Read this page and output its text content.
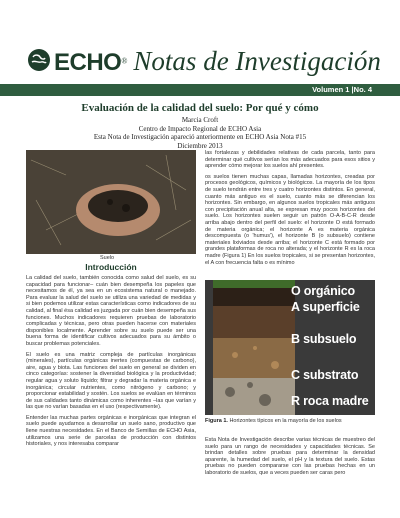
ECHO® Notas de Investigación
Volumen 1 |No. 4
Evaluación de la calidad del suelo: Por qué y cómo
Marcia Croft
Centro de Impacto Regional de ECHO Asia
Esta Nota de Investigación apareció anteriormente en ECHO Asia Nota #15
Diciembre 2013
Suelo
Introducción

La calidad del suelo, también conocida como salud del suelo, es su capacidad para funcionar– cuán bien desempeña los papeles que necesitamos de él, ya sea en un ecosistema natural o manejado. Para evaluar la salud del suelo se utiliza una variedad de medidas y si bien podemos utilizar estas características como indicadores de su calidad, al final ésa calidad es juzgada por cuán bien desempeña sus funciones. Muchos indicadores requieren pruebas de laboratorio complicadas y técnicas, pero otras pueden hacerse con materiales disponibles localmente. Aprender sobre su suelo puede ser una buena forma de identificar cultivos adecuados para su ámbito o buscar problemas potenciales.

El suelo es una matriz compleja de partículas inorgánicas (minerales), partículas orgánicas inertes (compuestas de carbono), aire, agua y biota. Las funciones del suelo en general se dividen en cinco categorías: sostener la diversidad biológica y la productividad; regular agua y soluto líquido; filtrar y degradar la materia orgánica e inorgánica; circular nutrientes, como nitrógeno y carbono; y proporcionar estabilidad y sostén. Los suelos se evalúan en términos de sus calidades tanto dinámicas como inherentes –las que varían y las que no varían basadas en el uso (respectivamente).

Entender las muchas partes orgánicas e inorgánicas que integran el suelo puede ayudarnos a desarrollar un suelo sano, productivo que llene nuestras necesidades. En el Banco de Semillas de ECHO Asia, utilizamos una serie de parcelas de producción con distintos historiales, y nos interesaba comparar

las fortalezas y debilidades relativas de cada parcela, tanto para determinar qué cultivos serían los más adecuados para esos sitios y aprender cómo mejorar los suelos ahí presentes.

os suelos tienen muchas capas, llamadas horizontes, creadas por procesos geológicos, químicos y biológicos. La mayoría de los tipos de suelo tendrán entre tres y cuatro horizontes distintos. En general, cuanto más antiguo es el suelo, cuanto más se diferencian los horizontes. Sin embargo, en algunos suelos tropicales más antiguos con precipitación anual alta, se expresan muy pocos horizontes del suelo. Los horizontes suelen seguir un patrón O-A-B-C-R desde arriba abajo dentro del perfil del suelo: el horizonte O está formado de materia orgánica; el horizonte A es materia orgánica descompuesta (o 'humus'), el horizonte B (o subsuelo) contiene materiales lixiviados desde arriba; el horizonte C está formado por grandes plataformas de roca no alterada; y el horizonte R es la roca madre (Figura 1) En los suelos tropicales, si se presentan horizontes, el A con frecuencia falta o es mínimo

O orgánico
A superficie
B subsuelo
C substrato
R roca madre
Figura 1. Horizontes típicos en la mayoría de los suelos

Esta Nota de Investigación describe varias técnicas de muestreo del suelo para un rango de necesidades y capacidades técnicas. Se brindan detalles sobre pruebas para determinar la densidad aparente, la humedad del suelo, el pH y la textura del suelo. Estas pruebas no pueden compararse con las pruebas hechas en un laboratorio de suelos, que a veces pueden ser caras pero
